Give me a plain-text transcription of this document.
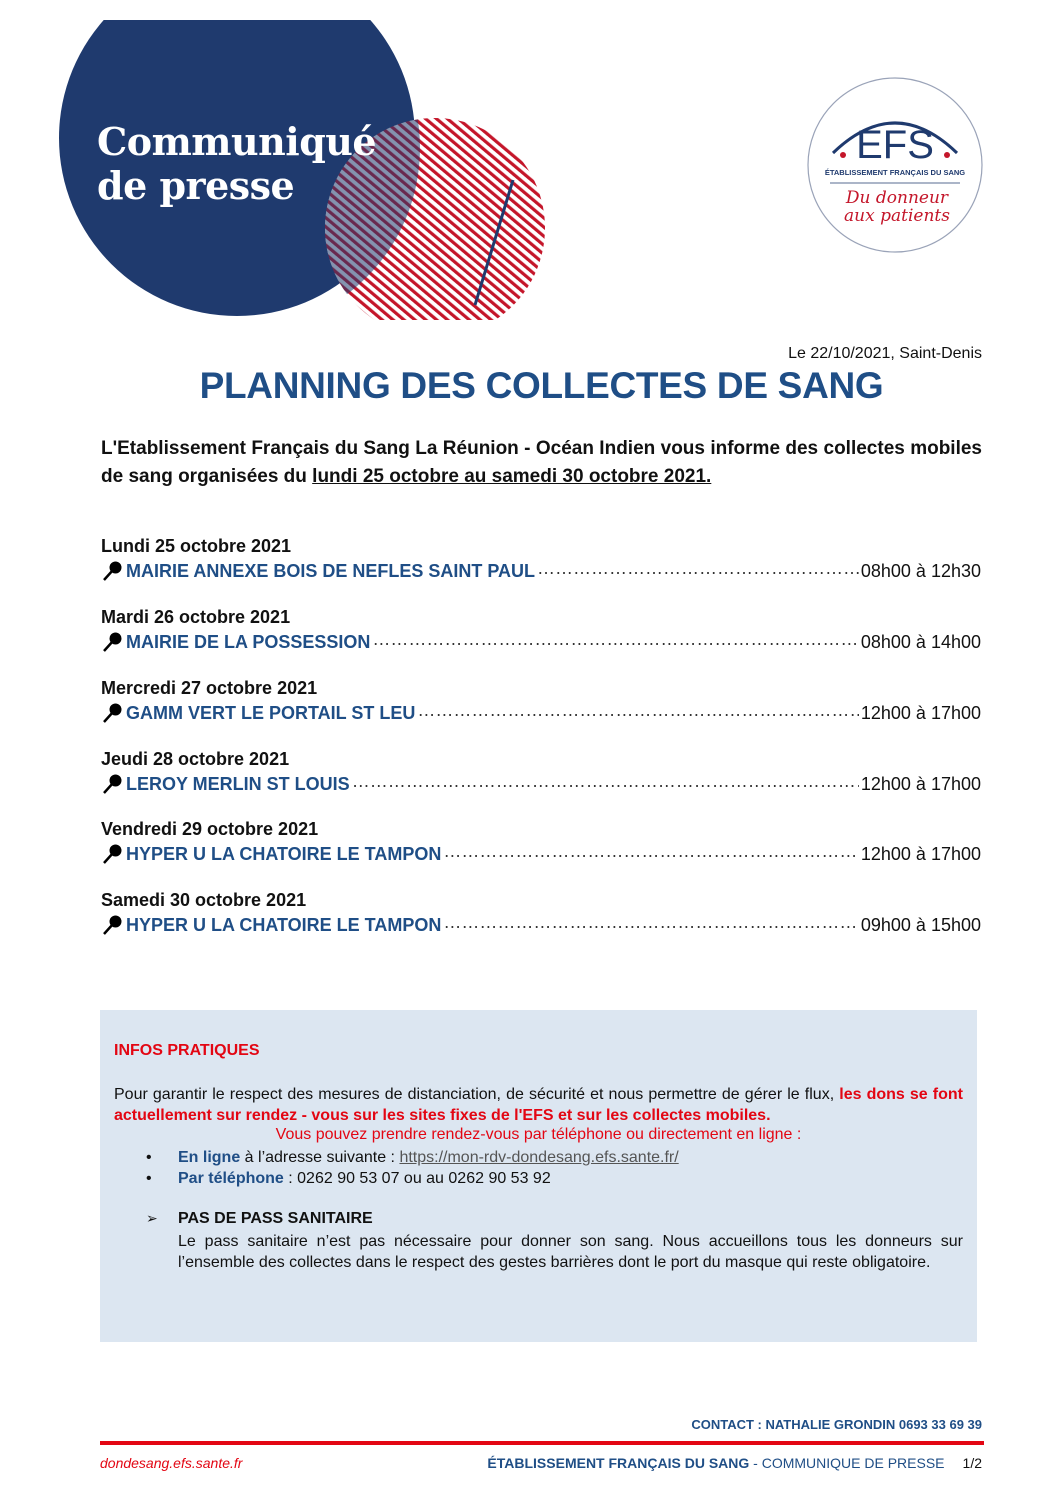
Communiqué
de presse
EFS
ÉTABLISSEMENT FRANÇAIS DU SANG
Du donneur
aux patients
Le 22/10/2021, Saint-Denis
PLANNING DES COLLECTES DE SANG
L'Etablissement Français du Sang La Réunion - Océan Indien vous informe des collectes mobiles de sang organisées du lundi 25 octobre au samedi 30 octobre 2021.
Lundi 25 octobre 2021
MAIRIE ANNEXE BOIS DE NEFLES SAINT PAUL ……………………………………………………………………………………………………………………………	08h00 à 12h30
Mardi 26 octobre 2021
MAIRIE DE LA POSSESSION ……………………………………………………………………………………………………………………………	08h00 à 14h00
Mercredi 27 octobre 2021
GAMM VERT LE PORTAIL ST LEU ……………………………………………………………………………………………………………………………	12h00 à 17h00
Jeudi 28 octobre 2021
LEROY MERLIN ST LOUIS ……………………………………………………………………………………………………………………………	12h00 à 17h00
Vendredi 29 octobre 2021
HYPER U LA CHATOIRE LE TAMPON ……………………………………………………………………………………………………………………………	12h00 à 17h00
Samedi 30 octobre 2021
HYPER U LA CHATOIRE LE TAMPON ……………………………………………………………………………………………………………………………	09h00 à 15h00
INFOS PRATIQUES
Pour garantir le respect des mesures de distanciation, de sécurité et nous permettre de gérer le flux, les dons se font actuellement sur rendez - vous sur les sites fixes de l'EFS et sur les collectes mobiles.
Vous pouvez prendre rendez-vous par téléphone ou directement en ligne :
• En ligne à l’adresse suivante : https://mon-rdv-dondesang.efs.sante.fr/
• Par téléphone : 0262 90 53 07 ou au 0262 90 53 92
➢ PAS DE PASS SANITAIRE
Le pass sanitaire n’est pas nécessaire pour donner son sang. Nous accueillons tous les donneurs sur l’ensemble des collectes dans le respect des gestes barrières dont le port du masque qui reste obligatoire.
CONTACT : NATHALIE GRONDIN 0693 33 69 39
dondesang.efs.sante.fr	ÉTABLISSEMENT FRANÇAIS DU SANG - COMMUNIQUE DE PRESSE 1/2
